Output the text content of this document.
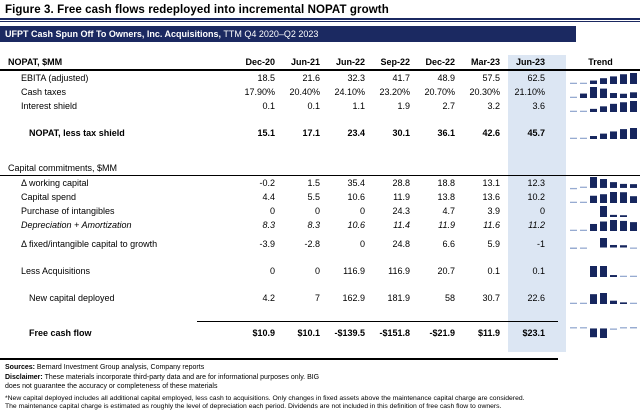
Figure 3. Free cash flows redeployed into incremental NOPAT growth
UFPT Cash Spun Off To Owners, Inc. Acquisitions, TTM Q4 2020–Q2 2023
NOPAT, $MM	Dec-20	Jun-21	Jun-22	Sep-22	Dec-22	Mar-23	Jun-23	Trend
EBITA (adjusted)	18.5	21.6	32.3	41.7	48.9	57.5	62.5
Cash taxes	17.90%	20.40%	24.10%	23.20%	20.70%	20.30%	21.10%
Interest shield	0.1	0.1	1.1	1.9	2.7	3.2	3.6
NOPAT, less tax shield	15.1	17.1	23.4	30.1	36.1	42.6	45.7
Capital commitments, $MM
Δ working capital	-0.2	1.5	35.4	28.8	18.8	13.1	12.3
Capital spend	4.4	5.5	10.6	11.9	13.8	13.6	10.2
Purchase of intangibles	0	0	0	24.3	4.7	3.9	0
Depreciation + Amortization	8.3	8.3	10.6	11.4	11.9	11.6	11.2
Δ fixed/intangible capital to growth	-3.9	-2.8	0	24.8	6.6	5.9	-1
Less Acquisitions	0	0	116.9	116.9	20.7	0.1	0.1
New capital deployed	4.2	7	162.9	181.9	58	30.7	22.6
Free cash flow	$10.9	$10.1	-$139.5	-$151.8	-$21.9	$11.9	$23.1
Sources: Bernard Investment Group analysis, Company reports
Disclaimer: These materials incorporate third-party data and are for informational purposes only. BIG
does not guarantee the accuracy or completeness of these materials
*New capital deployed includes all additional capital employed, less cash to acquisitions. Only changes in fixed assets above the maintenance capital charge are considered.
The maintenance capital charge is estimated as roughly the level of depreciation each period. Dividends are not included in this definition of free cash flow to owners.
